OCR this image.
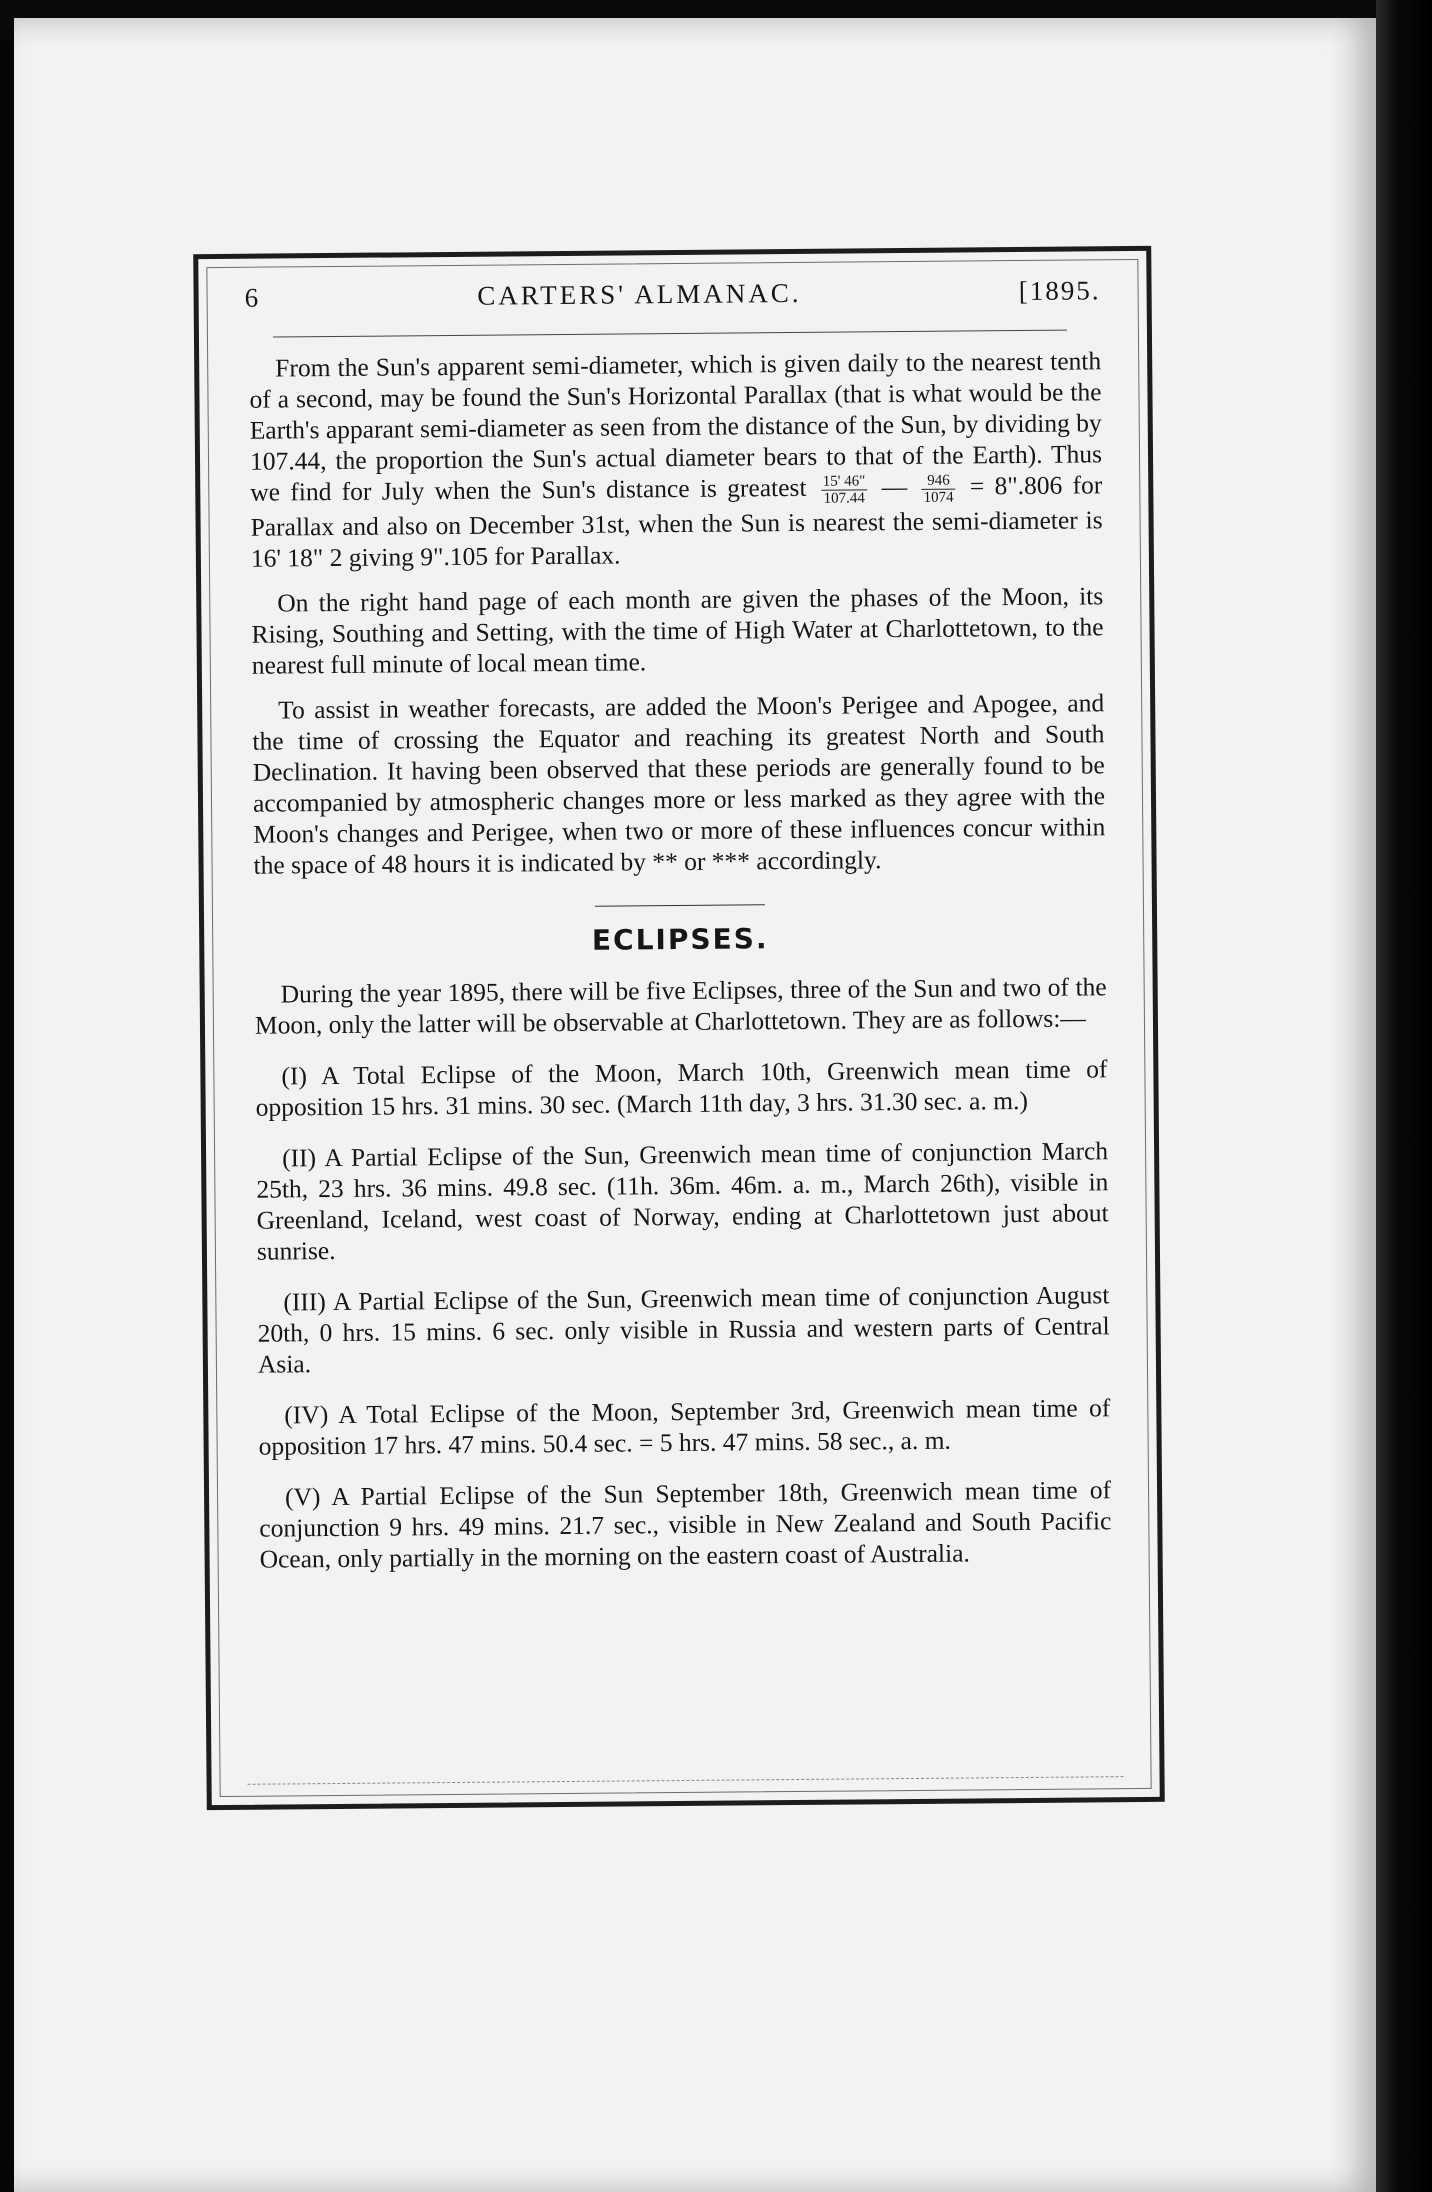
6	CARTERS' ALMANAC.	[1895.

From the Sun's apparent semi-diameter, which is given daily to the nearest tenth of a second, may be found the Sun's Horizontal Parallax (that is what would be the Earth's apparant semi-diameter as seen from the distance of the Sun, by dividing by 107.44, the proportion the Sun's actual diameter bears to that of the Earth). Thus we find for July when the Sun's distance is greatest $\frac{15' 46"}{107.44}$ — $\frac{946}{1074}$ = 8".806 for Parallax and also on December 31st, when the Sun is nearest the semi-diameter is 16' 18" 2 giving 9".105 for Parallax.

On the right hand page of each month are given the phases of the Moon, its Rising, Southing and Setting, with the time of High Water at Charlottetown, to the nearest full minute of local mean time.

To assist in weather forecasts, are added the Moon's Perigee and Apogee, and the time of crossing the Equator and reaching its greatest North and South Declination. It having been observed that these periods are generally found to be accompanied by atmospheric changes more or less marked as they agree with the Moon's changes and Perigee, when two or more of these influences concur within the space of 48 hours it is indicated by ** or *** accordingly.

ECLIPSES.

During the year 1895, there will be five Eclipses, three of the Sun and two of the Moon, only the latter will be observable at Charlottetown. They are as follows:—

(I) A Total Eclipse of the Moon, March 10th, Greenwich mean time of opposition 15 hrs. 31 mins. 30 sec. (March 11th day, 3 hrs. 31.30 sec. a. m.)

(II) A Partial Eclipse of the Sun, Greenwich mean time of conjunction March 25th, 23 hrs. 36 mins. 49.8 sec. (11h. 36m. 46m. a. m., March 26th), visible in Greenland, Iceland, west coast of Norway, ending at Charlottetown just about sunrise.

(III) A Partial Eclipse of the Sun, Greenwich mean time of conjunction August 20th, 0 hrs. 15 mins. 6 sec. only visible in Russia and western parts of Central Asia.

(IV) A Total Eclipse of the Moon, September 3rd, Greenwich mean time of opposition 17 hrs. 47 mins. 50.4 sec. = 5 hrs. 47 mins. 58 sec., a. m.

(V) A Partial Eclipse of the Sun September 18th, Greenwich mean time of conjunction 9 hrs. 49 mins. 21.7 sec., visible in New Zealand and South Pacific Ocean, only partially in the morning on the eastern coast of Australia.
